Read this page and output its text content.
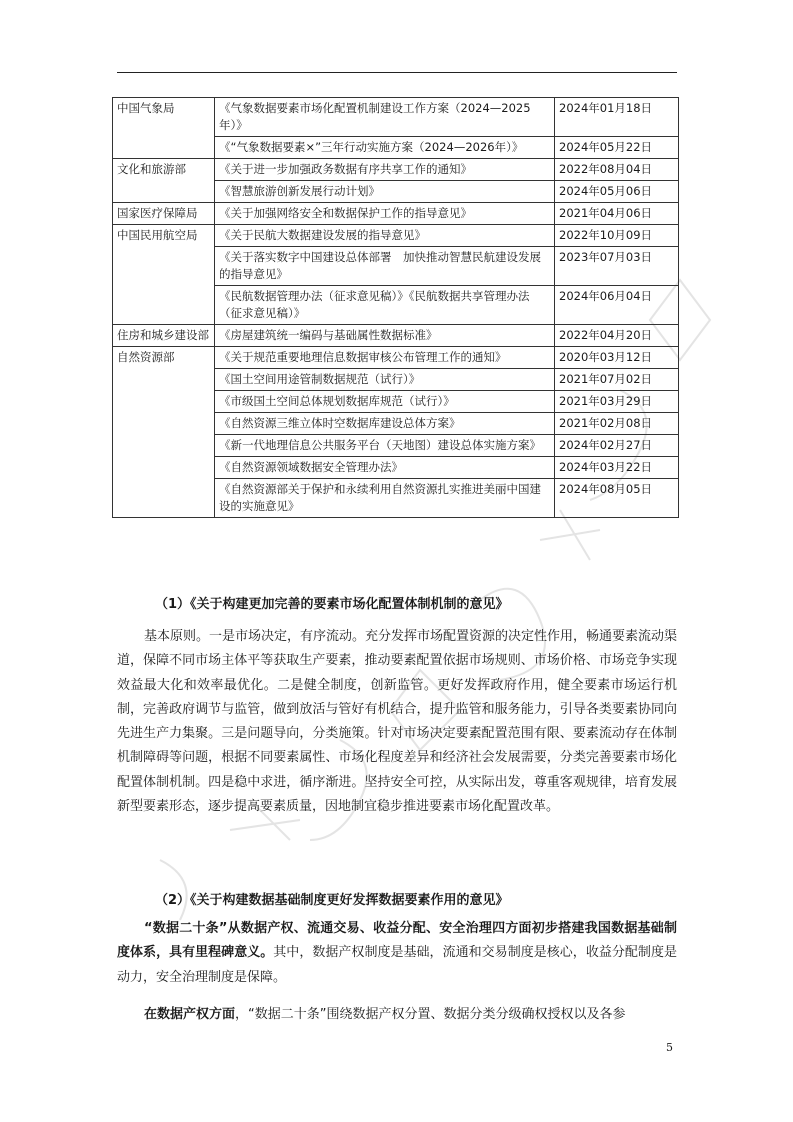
中国气象局	《气象数据要素市场化配置机制建设工作方案（2024—2025年）》	2024年01月18日
	《“气象数据要素×”三年行动实施方案（2024—2026年）》	2024年05月22日
文化和旅游部	《关于进一步加强政务数据有序共享工作的通知》	2022年08月04日
	《智慧旅游创新发展行动计划》	2024年05月06日
国家医疗保障局	《关于加强网络安全和数据保护工作的指导意见》	2021年04月06日
中国民用航空局	《关于民航大数据建设发展的指导意见》	2022年10月09日
	《关于落实数字中国建设总体部署　加快推动智慧民航建设发展的指导意见》	2023年07月03日
	《民航数据管理办法（征求意见稿）》《民航数据共享管理办法（征求意见稿）》	2024年06月04日
住房和城乡建设部	《房屋建筑统一编码与基础属性数据标准》	2022年04月20日
自然资源部	《关于规范重要地理信息数据审核公布管理工作的通知》	2020年03月12日
	《国土空间用途管制数据规范（试行）》	2021年07月02日
	《市级国土空间总体规划数据库规范（试行）》	2021年03月29日
	《自然资源三维立体时空数据库建设总体方案》	2021年02月08日
	《新一代地理信息公共服务平台（天地图）建设总体实施方案》	2024年02月27日
	《自然资源领域数据安全管理办法》	2024年03月22日
	《自然资源部关于保护和永续利用自然资源扎实推进美丽中国建设的实施意见》	2024年08月05日
（1）《关于构建更加完善的要素市场化配置体制机制的意见》
基本原则。一是市场决定，有序流动。充分发挥市场配置资源的决定性作用，畅通要素流动渠道，保障不同市场主体平等获取生产要素，推动要素配置依据市场规则、市场价格、市场竞争实现效益最大化和效率最优化。二是健全制度，创新监管。更好发挥政府作用，健全要素市场运行机制，完善政府调节与监管，做到放活与管好有机结合，提升监管和服务能力，引导各类要素协同向先进生产力集聚。三是问题导向，分类施策。针对市场决定要素配置范围有限、要素流动存在体制机制障碍等问题，根据不同要素属性、市场化程度差异和经济社会发展需要，分类完善要素市场化配置体制机制。四是稳中求进，循序渐进。坚持安全可控，从实际出发，尊重客观规律，培育发展新型要素形态，逐步提高要素质量，因地制宜稳步推进要素市场化配置改革。
（2）《关于构建数据基础制度更好发挥数据要素作用的意见》
“数据二十条”从数据产权、流通交易、收益分配、安全治理四方面初步搭建我国数据基础制度体系，具有里程碑意义。其中，数据产权制度是基础，流通和交易制度是核心，收益分配制度是动力，安全治理制度是保障。
在数据产权方面，“数据二十条”围绕数据产权分置、数据分类分级确权授权以及各参
5
